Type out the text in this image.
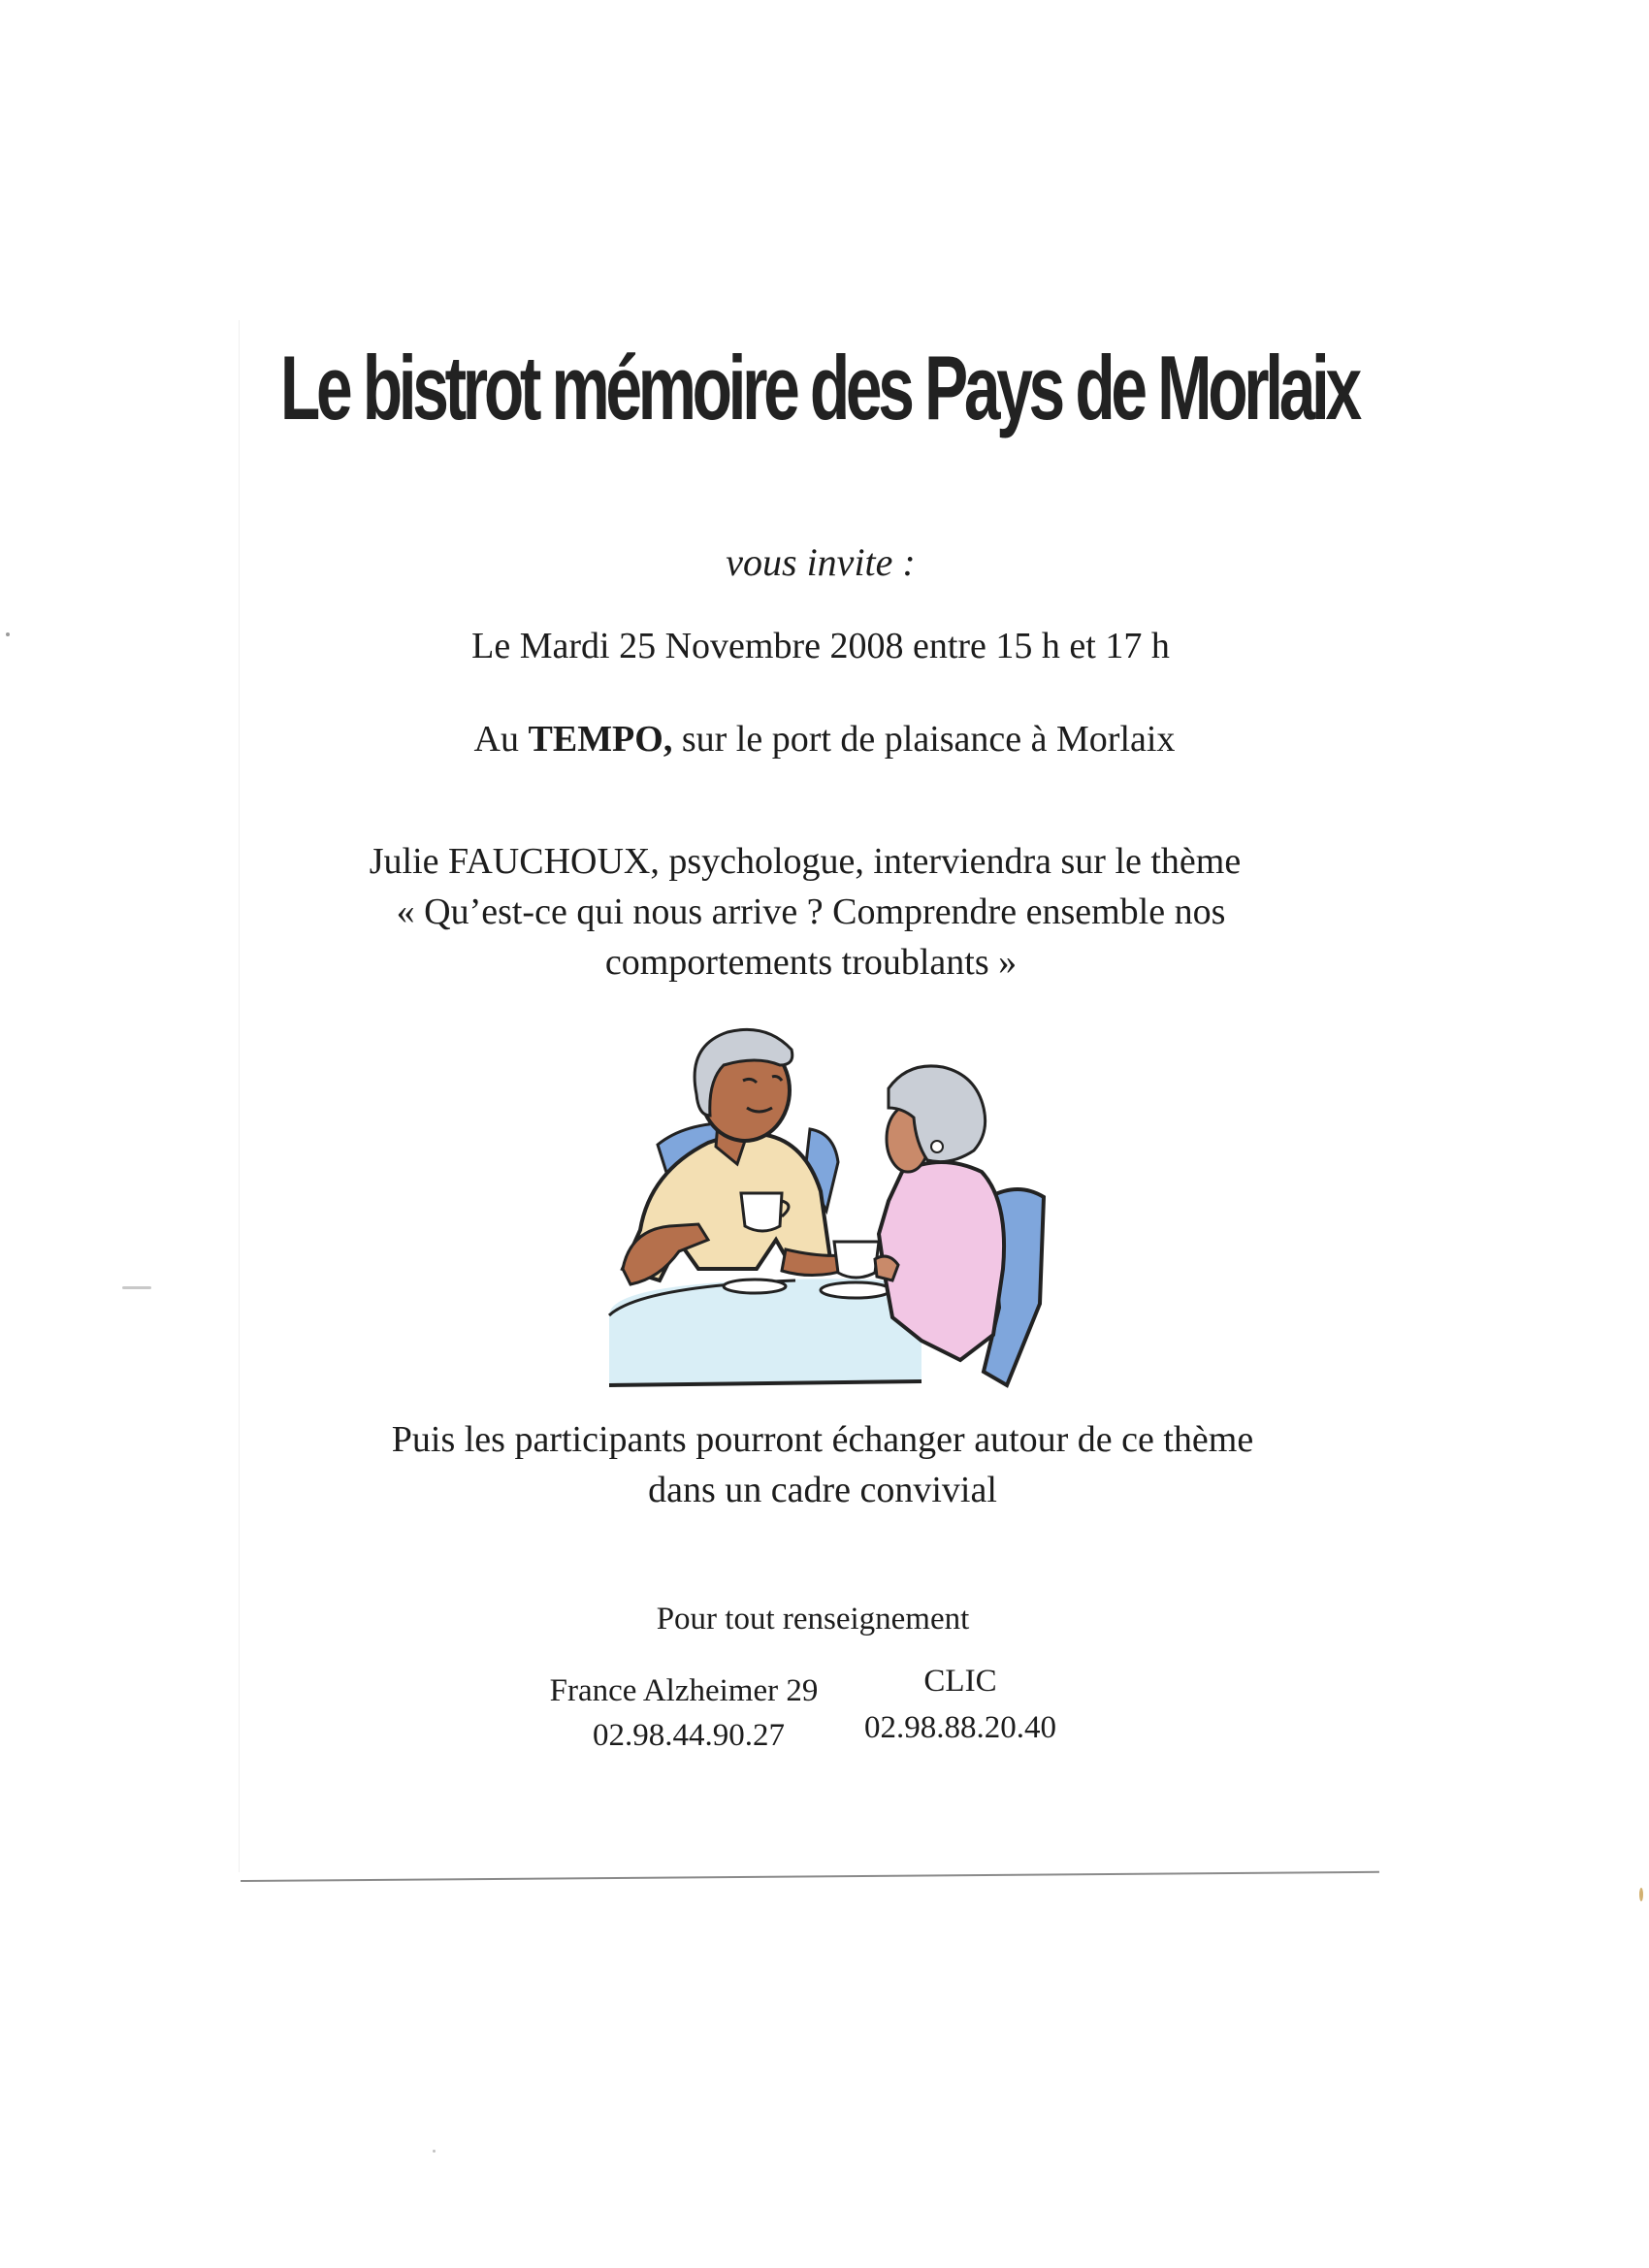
Le bistrot mémoire des Pays de Morlaix
vous invite :
Le Mardi 25 Novembre 2008 entre 15 h et 17 h
Au TEMPO, sur le port de plaisance à Morlaix
Julie FAUCHOUX, psychologue, interviendra sur le thème
« Qu’est-ce qui nous arrive ? Comprendre ensemble nos
comportements troublants »
Puis les participants pourront échanger autour de ce thème
dans un cadre convivial
Pour tout renseignement
France Alzheimer 29
02.98.44.90.27
CLIC
02.98.88.20.40
